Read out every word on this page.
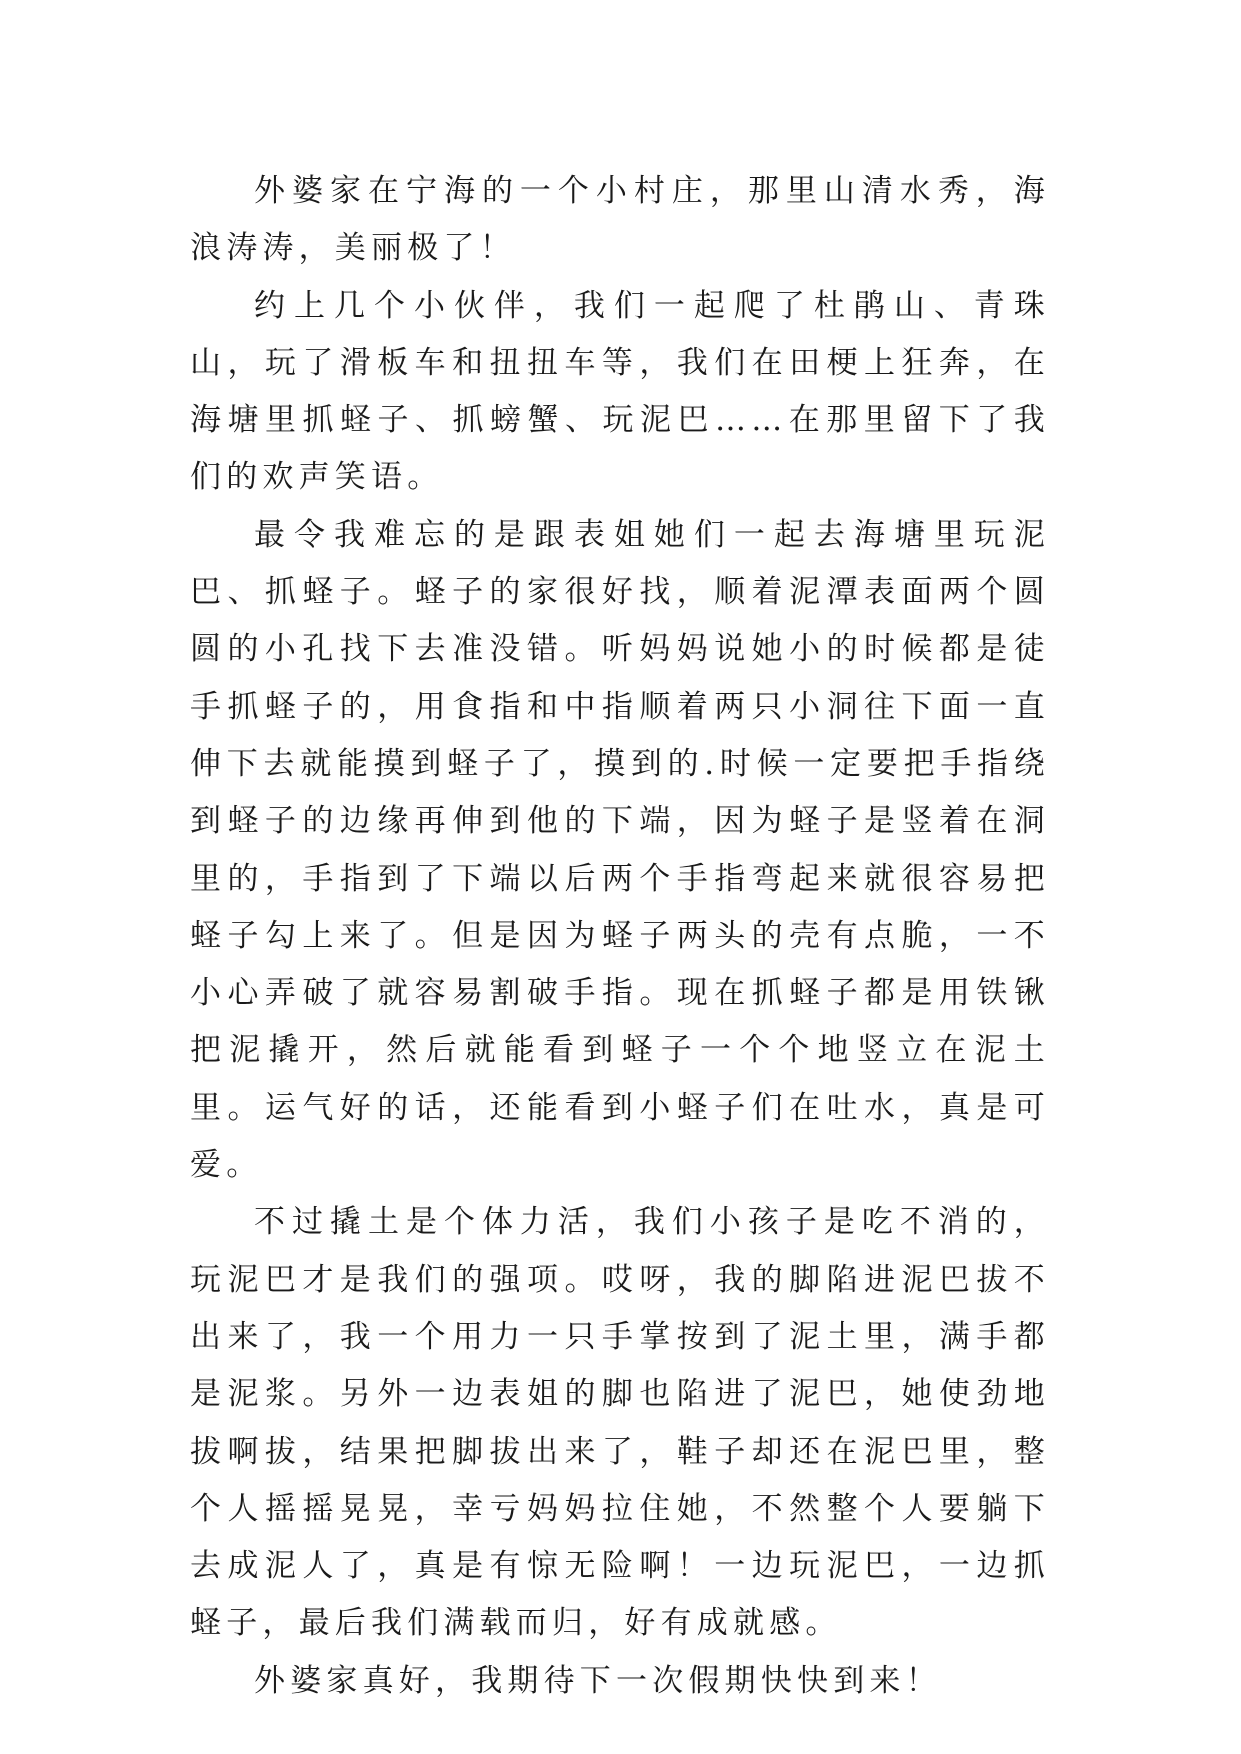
外婆家在宁海的一个小村庄，那里山清水秀，海浪涛涛，美丽极了！

约上几个小伙伴，我们一起爬了杜鹃山、青珠山，玩了滑板车和扭扭车等，我们在田梗上狂奔，在海塘里抓蛏子、抓螃蟹、玩泥巴……在那里留下了我们的欢声笑语。

最令我难忘的是跟表姐她们一起去海塘里玩泥巴、抓蛏子。蛏子的家很好找，顺着泥潭表面两个圆圆的小孔找下去准没错。听妈妈说她小的时候都是徒手抓蛏子的，用食指和中指顺着两只小洞往下面一直伸下去就能摸到蛏子了，摸到的.时候一定要把手指绕到蛏子的边缘再伸到他的下端，因为蛏子是竖着在洞里的，手指到了下端以后两个手指弯起来就很容易把蛏子勾上来了。但是因为蛏子两头的壳有点脆，一不小心弄破了就容易割破手指。现在抓蛏子都是用铁锹把泥撬开，然后就能看到蛏子一个个地竖立在泥土里。运气好的话，还能看到小蛏子们在吐水，真是可爱。

不过撬土是个体力活，我们小孩子是吃不消的，玩泥巴才是我们的强项。哎呀，我的脚陷进泥巴拔不出来了，我一个用力一只手掌按到了泥土里，满手都是泥浆。另外一边表姐的脚也陷进了泥巴，她使劲地拔啊拔，结果把脚拔出来了，鞋子却还在泥巴里，整个人摇摇晃晃，幸亏妈妈拉住她，不然整个人要躺下去成泥人了，真是有惊无险啊！一边玩泥巴，一边抓蛏子，最后我们满载而归，好有成就感。

外婆家真好，我期待下一次假期快快到来！
